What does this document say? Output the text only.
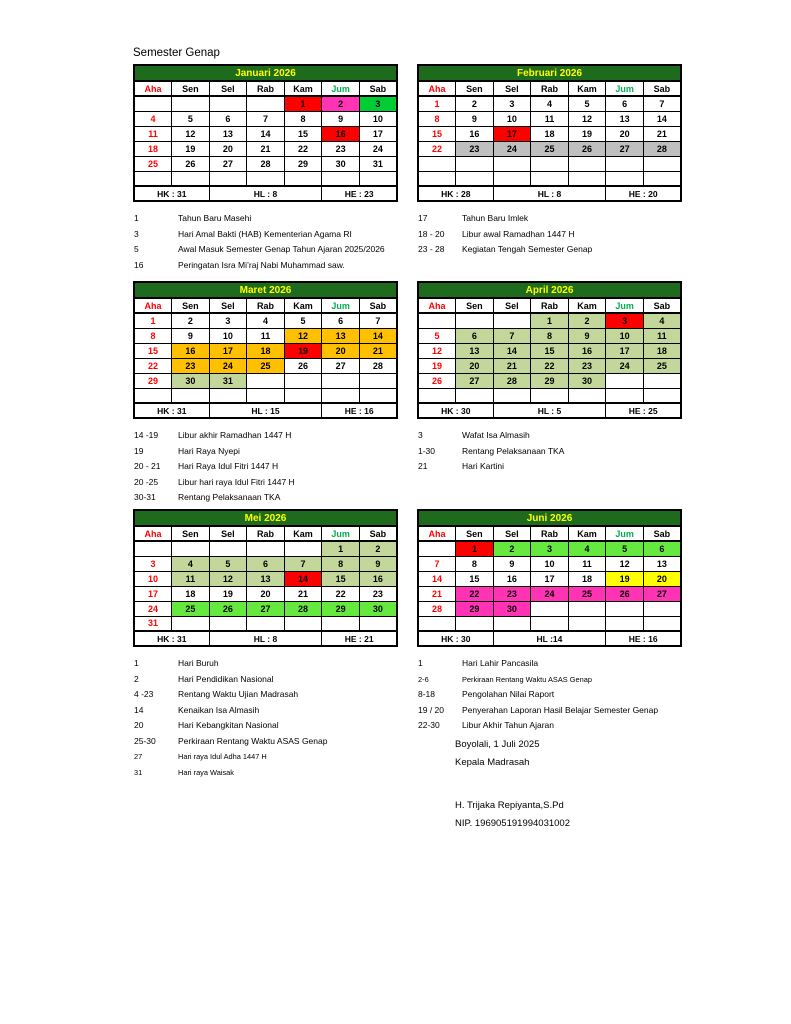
Semester Genap
Januari 2026						
Aha	Sen	Sel	Rab	Kam	Jum	Sab
				1	2	3
4	5	6	7	8	9	10
11	12	13	14	15	16	17
18	19	20	21	22	23	24
25	26	27	28	29	30	31

HK : 31		HL : 8			HE : 23	
1	Tahun Baru Masehi
3	Hari Amal Bakti (HAB) Kementerian Agama RI
5	Awal Masuk Semester Genap Tahun Ajaran 2025/2026
16	Peringatan Isra Mi’raj Nabi Muhammad saw.
Februari 2026						
Aha	Sen	Sel	Rab	Kam	Jum	Sab
1	2	3	4	5	6	7
8	9	10	11	12	13	14
15	16	17	18	19	20	21
22	23	24	25	26	27	28

HK : 28		HL : 8			HE : 20	
17	Tahun Baru Imlek
18 - 20	Libur awal Ramadhan 1447 H
23 - 28	Kegiatan Tengah Semester Genap
Maret 2026						
Aha	Sen	Sel	Rab	Kam	Jum	Sab
1	2	3	4	5	6	7
8	9	10	11	12	13	14
15	16	17	18	19	20	21
22	23	24	25	26	27	28
29	30	31				

HK : 31		HL : 15			HE : 16	
14 -19	Libur akhir Ramadhan 1447 H
19	Hari Raya Nyepi
20 - 21	Hari Raya Idul Fitri 1447 H
20 -25	Libur hari raya Idul Fitri 1447 H
30-31	Rentang Pelaksanaan TKA
April 2026						
Aha	Sen	Sel	Rab	Kam	Jum	Sab
			1	2	3	4
5	6	7	8	9	10	11
12	13	14	15	16	17	18
19	20	21	22	23	24	25
26	27	28	29	30		

HK : 30		HL : 5			HE : 25	
3	Wafat Isa Almasih
1-30	Rentang Pelaksanaan TKA
21	Hari Kartini
Mei 2026						
Aha	Sen	Sel	Rab	Kam	Jum	Sab
					1	2
3	4	5	6	7	8	9
10	11	12	13	14	15	16
17	18	19	20	21	22	23
24	25	26	27	28	29	30
31						
HK : 31		HL : 8			HE : 21	
1	Hari Buruh
2	Hari Pendidikan Nasional
4 -23	Rentang Waktu Ujian Madrasah
14	Kenaikan Isa Almasih
20	Hari Kebangkitan Nasional
25-30	Perkiraan Rentang Waktu ASAS Genap
27	Hari raya Idul Adha 1447 H
31	Hari raya Waisak
Juni 2026						
Aha	Sen	Sel	Rab	Kam	Jum	Sab
	1	2	3	4	5	6
7	8	9	10	11	12	13
14	15	16	17	18	19	20
21	22	23	24	25	26	27
28	29	30				

HK : 30		HL :14			HE : 16	
1	Hari Lahir Pancasila
2-6	Perkiraan Rentang Waktu ASAS Genap
8-18	Pengolahan Nilai Raport
19 / 20	Penyerahan Laporan Hasil Belajar Semester Genap
22-30	Libur Akhir Tahun Ajaran
Boyolali, 1 Juli 2025
Kepala Madrasah
H. Trijaka Repiyanta,S.Pd
NIP. 196905191994031002
